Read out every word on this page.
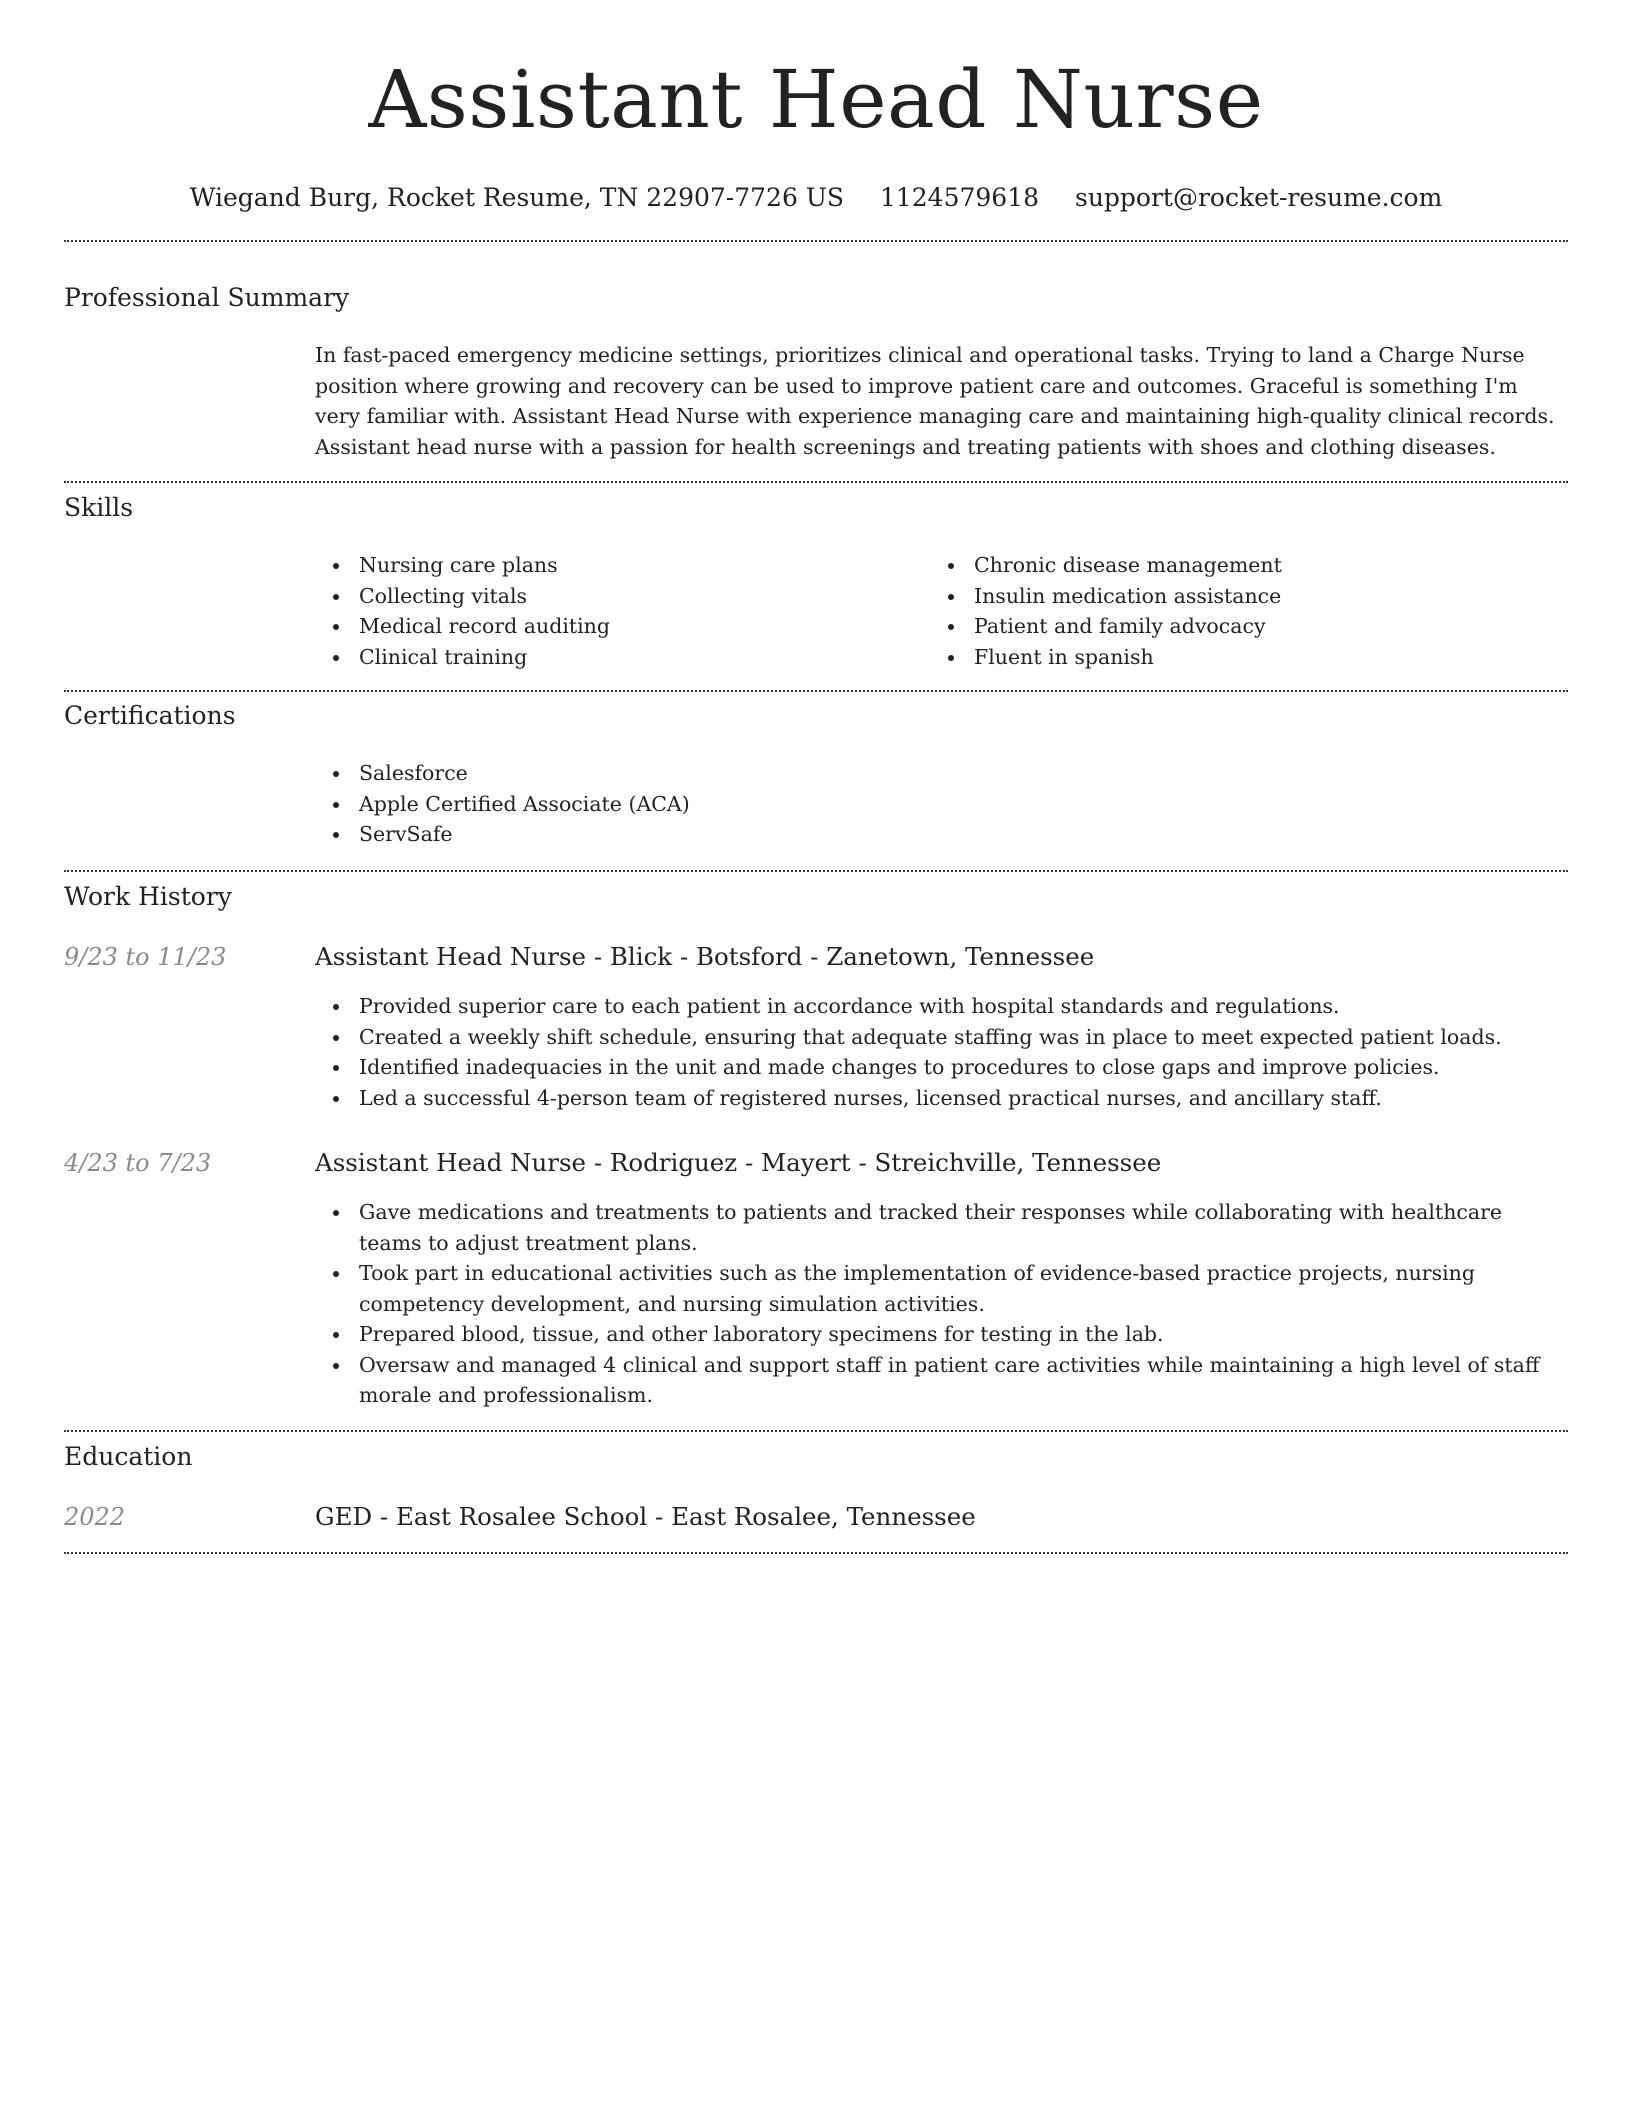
Assistant Head Nurse
Wiegand Burg, Rocket Resume, TN 22907-7726 US 1124579618 support@rocket-resume.com
Professional Summary
In fast-paced emergency medicine settings, prioritizes clinical and operational tasks. Trying to land a Charge Nurse position where growing and recovery can be used to improve patient care and outcomes. Graceful is something I'm very familiar with. Assistant Head Nurse with experience managing care and maintaining high-quality clinical records. Assistant head nurse with a passion for health screenings and treating patients with shoes and clothing diseases.
Skills
Nursing care plans
Collecting vitals
Medical record auditing
Clinical training
Chronic disease management
Insulin medication assistance
Patient and family advocacy
Fluent in spanish
Certifications
Salesforce
Apple Certified Associate (ACA)
ServSafe
Work History
9/23 to 11/23	Assistant Head Nurse - Blick - Botsford - Zanetown, Tennessee
Provided superior care to each patient in accordance with hospital standards and regulations.
Created a weekly shift schedule, ensuring that adequate staffing was in place to meet expected patient loads.
Identified inadequacies in the unit and made changes to procedures to close gaps and improve policies.
Led a successful 4-person team of registered nurses, licensed practical nurses, and ancillary staff.
4/23 to 7/23	Assistant Head Nurse - Rodriguez - Mayert - Streichville, Tennessee
Gave medications and treatments to patients and tracked their responses while collaborating with healthcare teams to adjust treatment plans.
Took part in educational activities such as the implementation of evidence-based practice projects, nursing competency development, and nursing simulation activities.
Prepared blood, tissue, and other laboratory specimens for testing in the lab.
Oversaw and managed 4 clinical and support staff in patient care activities while maintaining a high level of staff morale and professionalism.
Education
2022	GED - East Rosalee School - East Rosalee, Tennessee
